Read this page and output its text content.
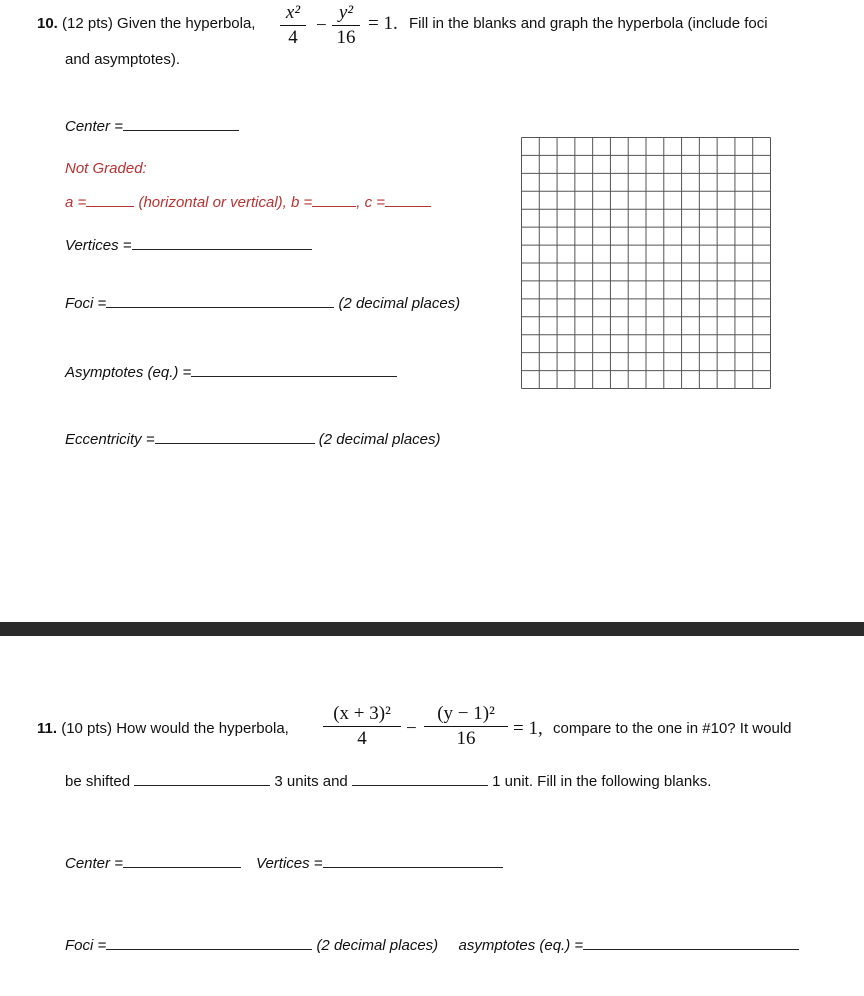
10. (12 pts) Given the hyperbola,
x²
4
−
y²
16
= 1. Fill in the blanks and graph the hyperbola (include foci
and asymptotes).
Center =
Not Graded:
a =	(horizontal or vertical), b =	, c =
Vertices =
Foci =	(2 decimal places)
Asymptotes (eq.) =
Eccentricity =	(2 decimal places)
11. (10 pts) How would the hyperbola,
(x + 3)²
4	−
(y − 1)²
16	= 1, compare to the one in #10? It would
be shifted	3 units and	1 unit. Fill in the following blanks.
Center =	Vertices =
Foci =	(2 decimal places) asymptotes (eq.) =
